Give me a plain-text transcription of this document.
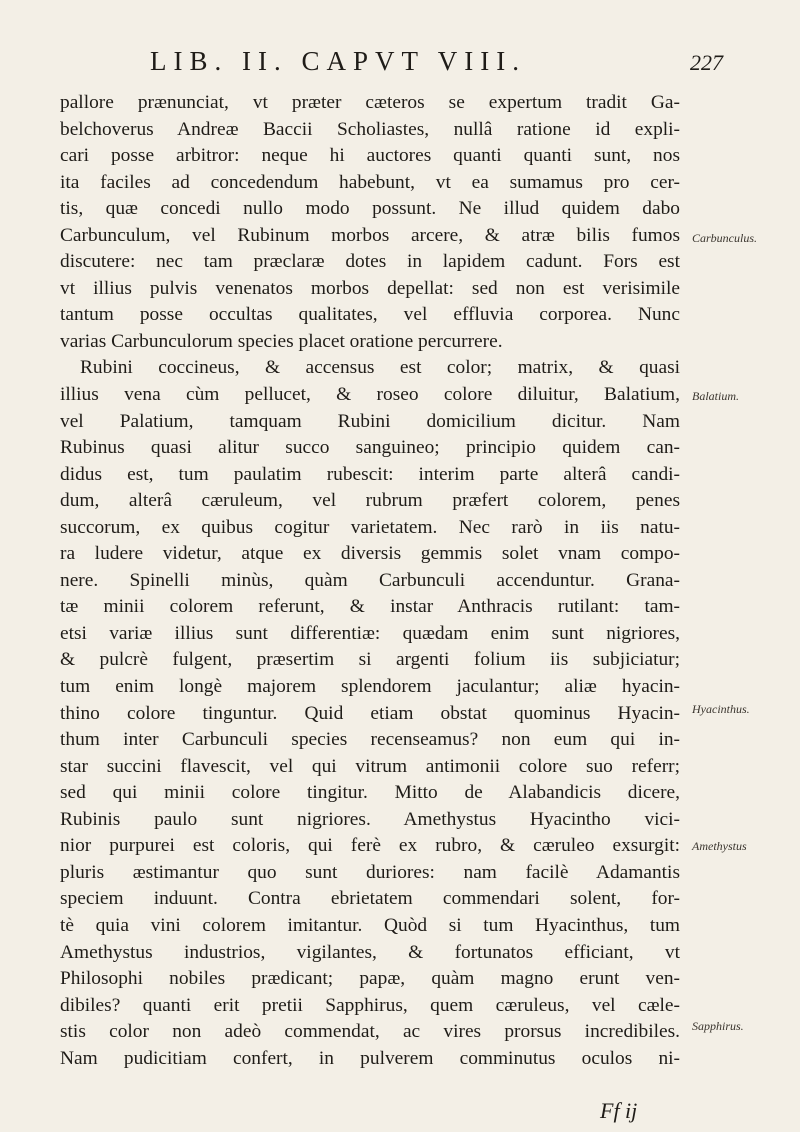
LIB. II. CAPVT VIII.	227
pallore prænunciat, vt præter cæteros se expertum tradit Ga-
belchoverus Andreæ Baccii Scholiastes, nullâ ratione id expli-
cari posse arbitror: neque hi auctores quanti quanti sunt, nos
ita faciles ad concedendum habebunt, vt ea sumamus pro cer-
tis, quæ concedi nullo modo possunt. Ne illud quidem dabo
Carbunculum, vel Rubinum morbos arcere, & atræ bilis fumos
discutere: nec tam præclaræ dotes in lapidem cadunt. Fors est
vt illius pulvis venenatos morbos depellat: sed non est verisimile
tantum posse occultas qualitates, vel effluvia corporea. Nunc
varias Carbunculorum species placet oratione percurrere.
Rubini coccineus, & accensus est color; matrix, & quasi
illius vena cùm pellucet, & roseo colore diluitur, Balatium,
vel Palatium, tamquam Rubini domicilium dicitur. Nam
Rubinus quasi alitur succo sanguineo; principio quidem can-
didus est, tum paulatim rubescit: interim parte alterâ candi-
dum, alterâ cæruleum, vel rubrum præfert colorem, penes
succorum, ex quibus cogitur varietatem. Nec rarò in iis natu-
ra ludere videtur, atque ex diversis gemmis solet vnam compo-
nere. Spinelli minùs, quàm Carbunculi accenduntur. Grana-
tæ minii colorem referunt, & instar Anthracis rutilant: tam-
etsi variæ illius sunt differentiæ: quædam enim sunt nigriores,
& pulcrè fulgent, præsertim si argenti folium iis subjiciatur;
tum enim longè majorem splendorem jaculantur; aliæ hyacin-
thino colore tinguntur. Quid etiam obstat quominus Hyacin-
thum inter Carbunculi species recenseamus? non eum qui in-
star succini flavescit, vel qui vitrum antimonii colore suo referr;
sed qui minii colore tingitur. Mitto de Alabandicis dicere,
Rubinis paulo sunt nigriores. Amethystus Hyacintho vici-
nior purpurei est coloris, qui ferè ex rubro, & cæruleo exsurgit:
pluris æstimantur quo sunt duriores: nam facilè Adamantis
speciem induunt. Contra ebrietatem commendari solent, for-
tè quia vini colorem imitantur. Quòd si tum Hyacinthus, tum
Amethystus industrios, vigilantes, & fortunatos efficiant, vt
Philosophi nobiles prædicant; papæ, quàm magno erunt ven-
dibiles? quanti erit pretii Sapphirus, quem cæruleus, vel cæle-
stis color non adeò commendat, ac vires prorsus incredibiles.
Nam pudicitiam confert, in pulverem comminutus oculos ni-
Carbunculus.
Balatium.
Hyacinthus.
Amethystus
Sapphirus.
Ff ij
